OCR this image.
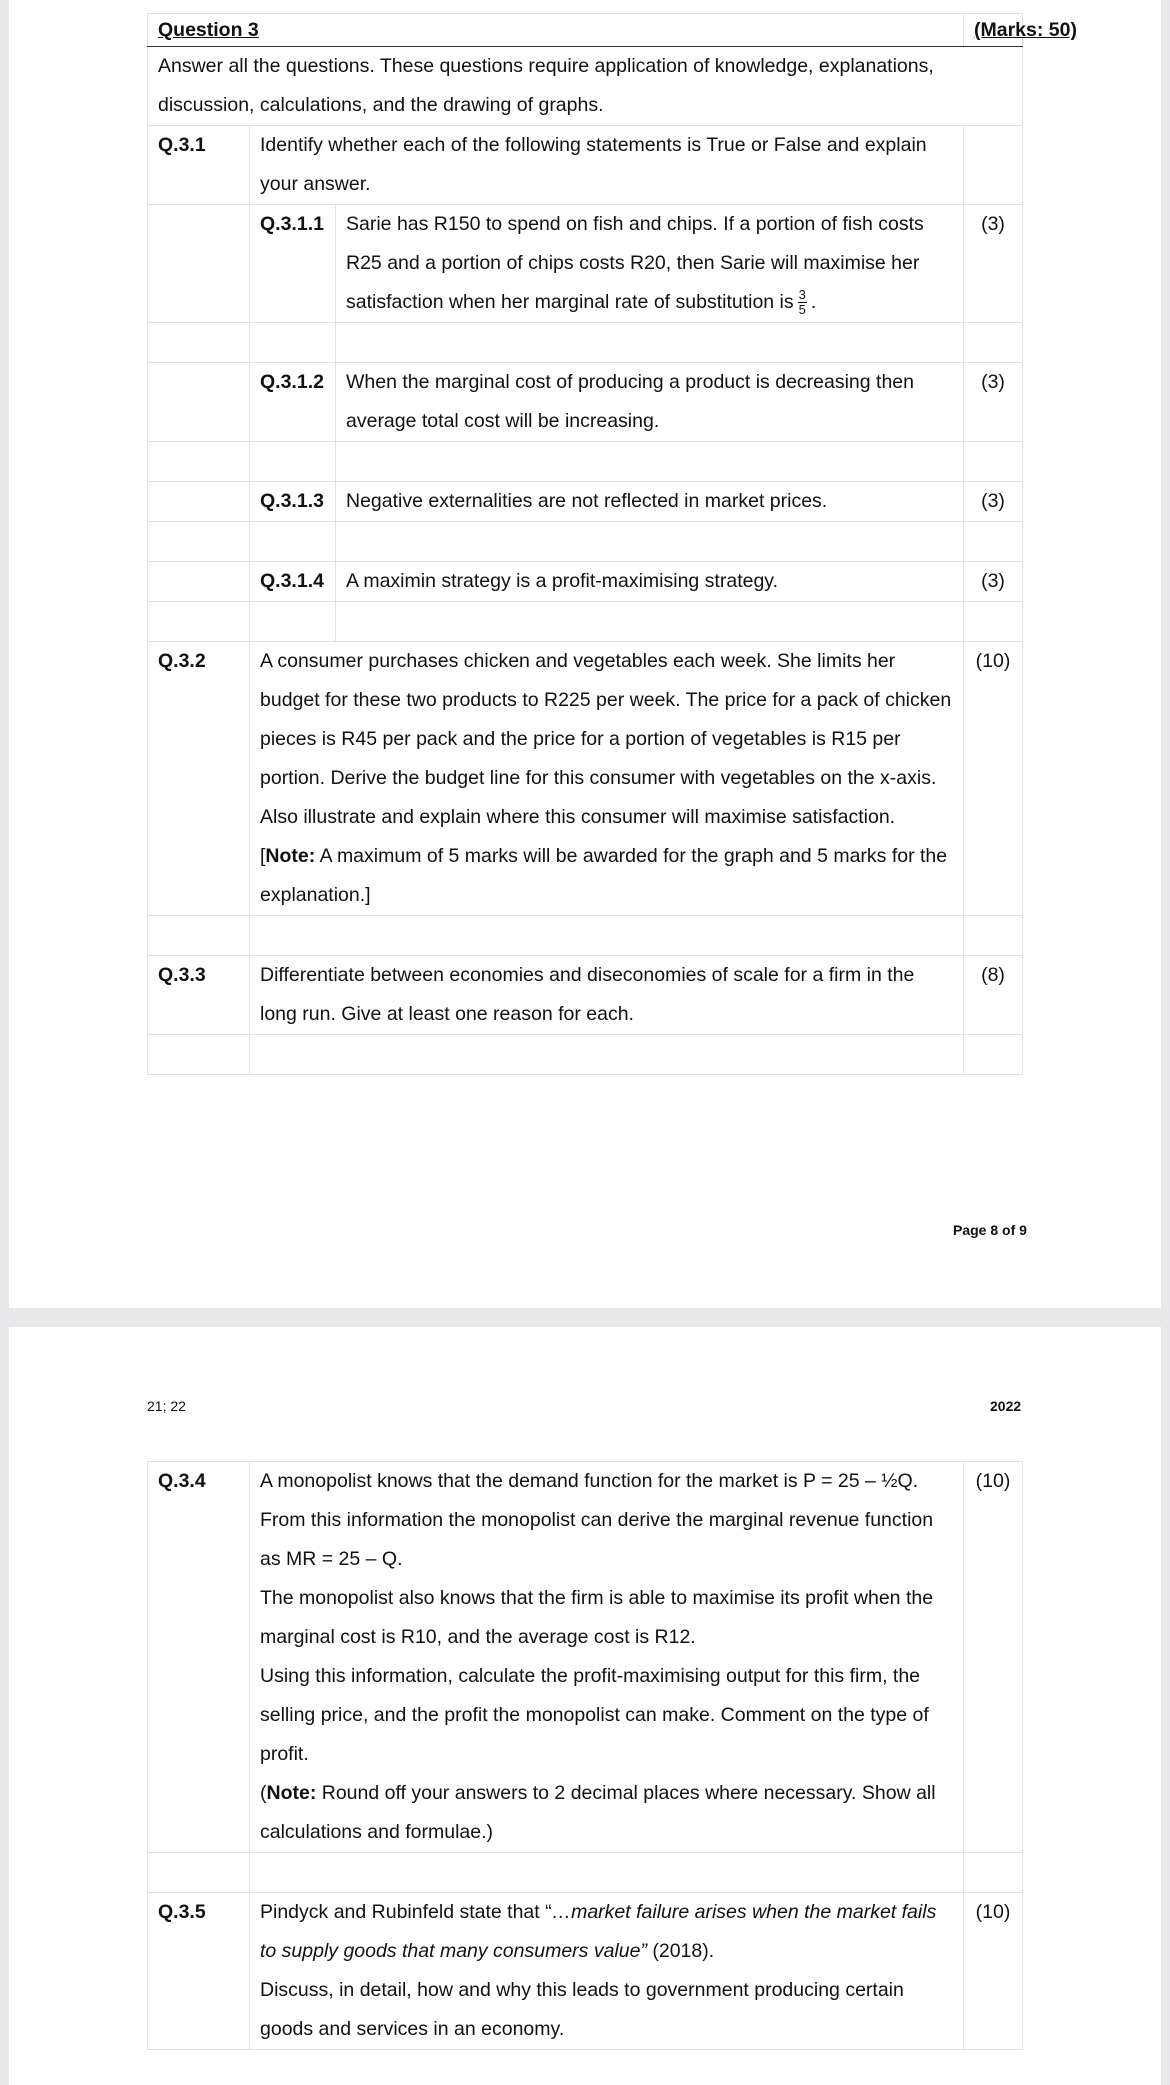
Question 3			(Marks: 50)
Answer all the questions. These questions require application of knowledge, explanations, discussion, calculations, and the drawing of graphs.			
Q.3.1	Identify whether each of the following statements is True or False and explain your answer.		
	Q.3.1.1	Sarie has R150 to spend on fish and chips. If a portion of fish costs R25 and a portion of chips costs R20, then Sarie will maximise her satisfaction when her marginal rate of substitution is $\frac{3}{5}$ .	(3)

	Q.3.1.2	When the marginal cost of producing a product is decreasing then average total cost will be increasing.	(3)

	Q.3.1.3	Negative externalities are not reflected in market prices.	(3)

	Q.3.1.4	A maximin strategy is a profit-maximising strategy.	(3)

Q.3.2	A consumer purchases chicken and vegetables each week. She limits her budget for these two products to R225 per week. The price for a pack of chicken pieces is R45 per pack and the price for a portion of vegetables is R15 per portion. Derive the budget line for this consumer with vegetables on the x-axis. Also illustrate and explain where this consumer will maximise satisfaction.
[Note: A maximum of 5 marks will be awarded for the graph and 5 marks for the explanation.]		(10)

Q.3.3	Differentiate between economies and diseconomies of scale for a firm in the long run. Give at least one reason for each.		(8)

Page 8 of 9
21; 22	2022
Q.3.4	A monopolist knows that the demand function for the market is P = 25 – ½Q. From this information the monopolist can derive the marginal revenue function as MR = 25 – Q.
The monopolist also knows that the firm is able to maximise its profit when the marginal cost is R10, and the average cost is R12.
Using this information, calculate the profit-maximising output for this firm, the selling price, and the profit the monopolist can make. Comment on the type of profit.
(Note: Round off your answers to 2 decimal places where necessary. Show all calculations and formulae.)	(10)

Q.3.5	Pindyck and Rubinfeld state that “…market failure arises when the market fails to supply goods that many consumers value” (2018).
Discuss, in detail, how and why this leads to government producing certain goods and services in an economy.	(10)
